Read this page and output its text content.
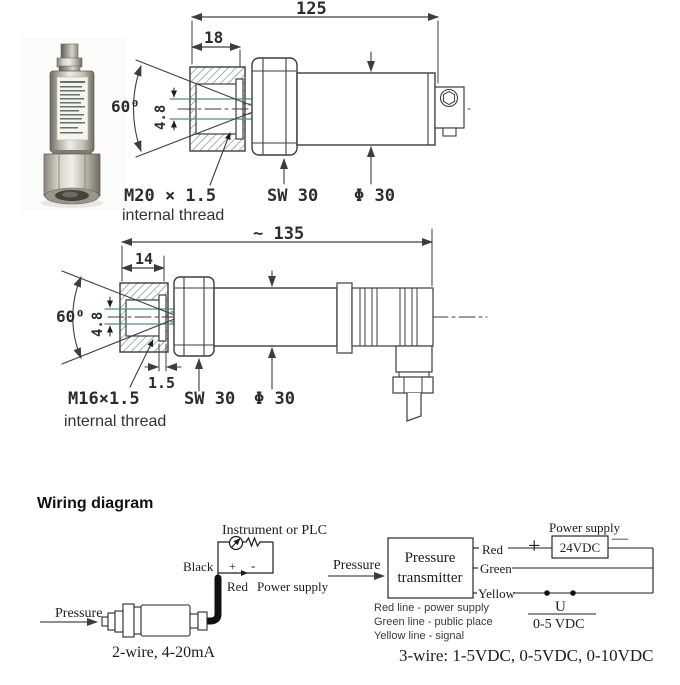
125
18
60⁰ 4.8
Φ 30
SW 30
M20 × 1.5
internal thread
~ 135
14
60⁰ 4.8
Φ 30
SW 30
1.5
M16×1.5
internal thread
Wiring diagram
Instrument or PLC
+ -
Black
Red Power supply
Pressure
2-wire, 4-20mA
Pressure Pressure
transmitter
Red +
Power supply
24VDC
—
Green
Yellow
U
0-5 VDC
Red line - power supply
Green line - public place
Yellow line - signal
3-wire: 1-5VDC, 0-5VDC, 0-10VDC
